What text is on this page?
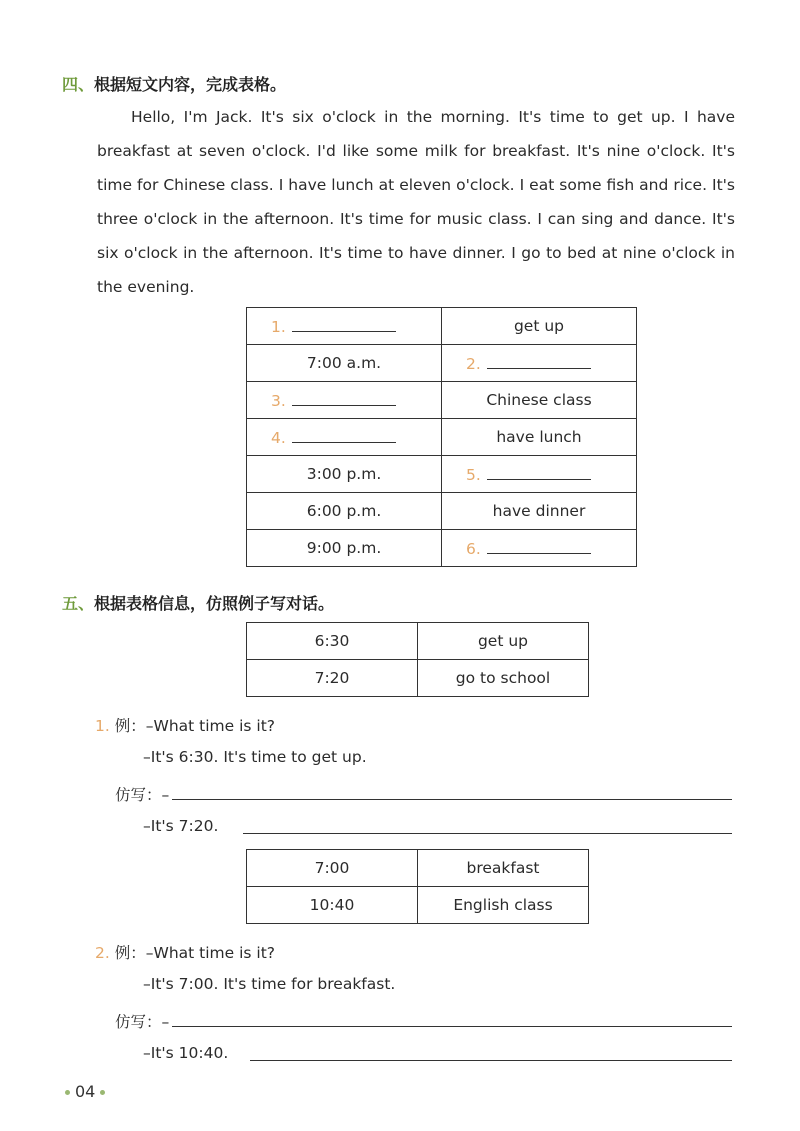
四、根据短文内容，完成表格。
Hello, I'm Jack. It's six o'clock in the morning. It's time to get up. I have breakfast at seven o'clock. I'd like some milk for breakfast. It's nine o'clock. It's time for Chinese class. I have lunch at eleven o'clock. I eat some fish and rice. It's three o'clock in the afternoon. It's time for music class. I can sing and dance. It's six o'clock in the afternoon. It's time to have dinner. I go to bed at nine o'clock in the evening.
1.	get up
7:00 a.m.	2.
3.	Chinese class
4.	have lunch
3:00 p.m.	5.
6:00 p.m.	have dinner
9:00 p.m.	6.
五、根据表格信息，仿照例子写对话。
6:30	get up
7:20	go to school
1. 例：–What time is it?
–It's 6:30. It's time to get up.
仿写：–
–It's 7:20.
7:00	breakfast
10:40	English class
2. 例：–What time is it?
–It's 7:00. It's time for breakfast.
仿写：–
–It's 10:40.
04
